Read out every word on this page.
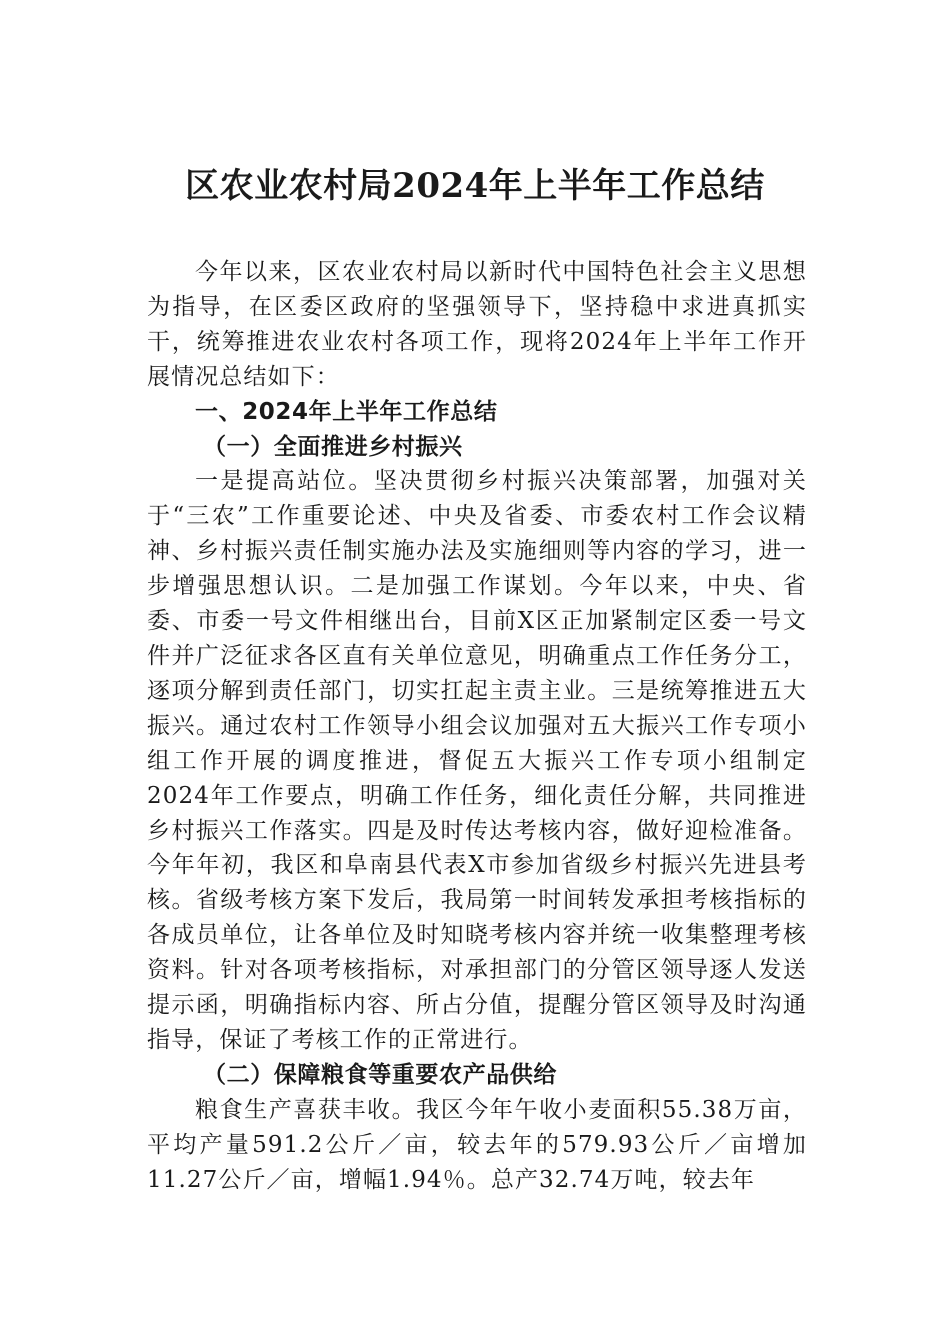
区农业农村局2024年上半年工作总结

今年以来，区农业农村局以新时代中国特色社会主义思想为指导，在区委区政府的坚强领导下，坚持稳中求进真抓实干，统筹推进农业农村各项工作，现将2024年上半年工作开展情况总结如下：

一、2024年上半年工作总结

（一）全面推进乡村振兴

一是提高站位。坚决贯彻乡村振兴决策部署，加强对关于“三农”工作重要论述、中央及省委、市委农村工作会议精神、乡村振兴责任制实施办法及实施细则等内容的学习，进一步增强思想认识。二是加强工作谋划。今年以来，中央、省委、市委一号文件相继出台，目前X区正加紧制定区委一号文件并广泛征求各区直有关单位意见，明确重点工作任务分工，逐项分解到责任部门，切实扛起主责主业。三是统筹推进五大振兴。通过农村工作领导小组会议加强对五大振兴工作专项小组工作开展的调度推进，督促五大振兴工作专项小组制定2024年工作要点，明确工作任务，细化责任分解，共同推进乡村振兴工作落实。四是及时传达考核内容，做好迎检准备。今年年初，我区和阜南县代表X市参加省级乡村振兴先进县考核。省级考核方案下发后，我局第一时间转发承担考核指标的各成员单位，让各单位及时知晓考核内容并统一收集整理考核资料。针对各项考核指标，对承担部门的分管区领导逐人发送提示函，明确指标内容、所占分值，提醒分管区领导及时沟通指导，保证了考核工作的正常进行。

（二）保障粮食等重要农产品供给

粮食生产喜获丰收。我区今年午收小麦面积55.38万亩，平均产量591.2公斤／亩，较去年的579.93公斤／亩增加11.27公斤／亩，增幅1.94％。总产32.74万吨，较去年
